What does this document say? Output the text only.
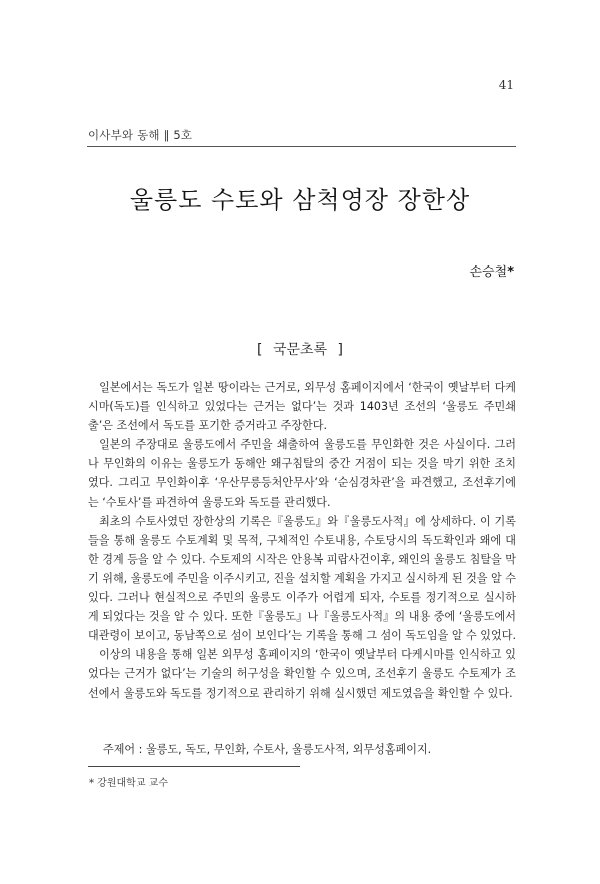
41
이사부와 동해 ∥ 5호
울릉도 수토와 삼척영장 장한상
손승철*
[ 국문초록 ]

일본에서는 독도가 일본 땅이라는 근거로, 외무성 홈페이지에서 ‘한국이 옛날부터 다케시마(독도)를 인식하고 있었다는 근거는 없다’는 것과 1403년 조선의 ‘울릉도 주민쇄출’은 조선에서 독도를 포기한 증거라고 주장한다.

일본의 주장대로 울릉도에서 주민을 쇄출하여 울릉도를 무인화한 것은 사실이다. 그러나 무인화의 이유는 울릉도가 동해안 왜구침탈의 중간 거점이 되는 것을 막기 위한 조치였다. 그리고 무인화이후 ‘우산무릉등처안무사’와 ‘순심경차관’을 파견했고, 조선후기에는 ‘수토사’를 파견하여 울릉도와 독도를 관리했다.

최초의 수토사였던 장한상의 기록은『울릉도』와『울릉도사적』에 상세하다. 이 기록들을 통해 울릉도 수토계획 및 목적, 구체적인 수토내용, 수토당시의 독도확인과 왜에 대한 경계 등을 알 수 있다. 수토제의 시작은 안용복 피랍사건이후, 왜인의 울릉도 침탈을 막기 위해, 울릉도에 주민을 이주시키고, 진을 설치할 계획을 가지고 실시하게 된 것을 알 수 있다. 그러나 현실적으로 주민의 울릉도 이주가 어렵게 되자, 수토를 정기적으로 실시하게 되었다는 것을 알 수 있다. 또한『울릉도』나『울릉도사적』의 내용 중에 ‘울릉도에서 대관령이 보이고, 동남쪽으로 섬이 보인다’는 기록을 통해 그 섬이 독도임을 알 수 있었다.

이상의 내용을 통해 일본 외무성 홈페이지의 ‘한국이 옛날부터 다케시마를 인식하고 있었다는 근거가 없다’는 기술의 허구성을 확인할 수 있으며, 조선후기 울릉도 수토제가 조선에서 울릉도와 독도를 정기적으로 관리하기 위해 실시했던 제도였음을 확인할 수 있다.

주제어 : 울릉도, 독도, 무인화, 수토사, 울릉도사적, 외무성홈페이지.
* 강원대학교 교수
